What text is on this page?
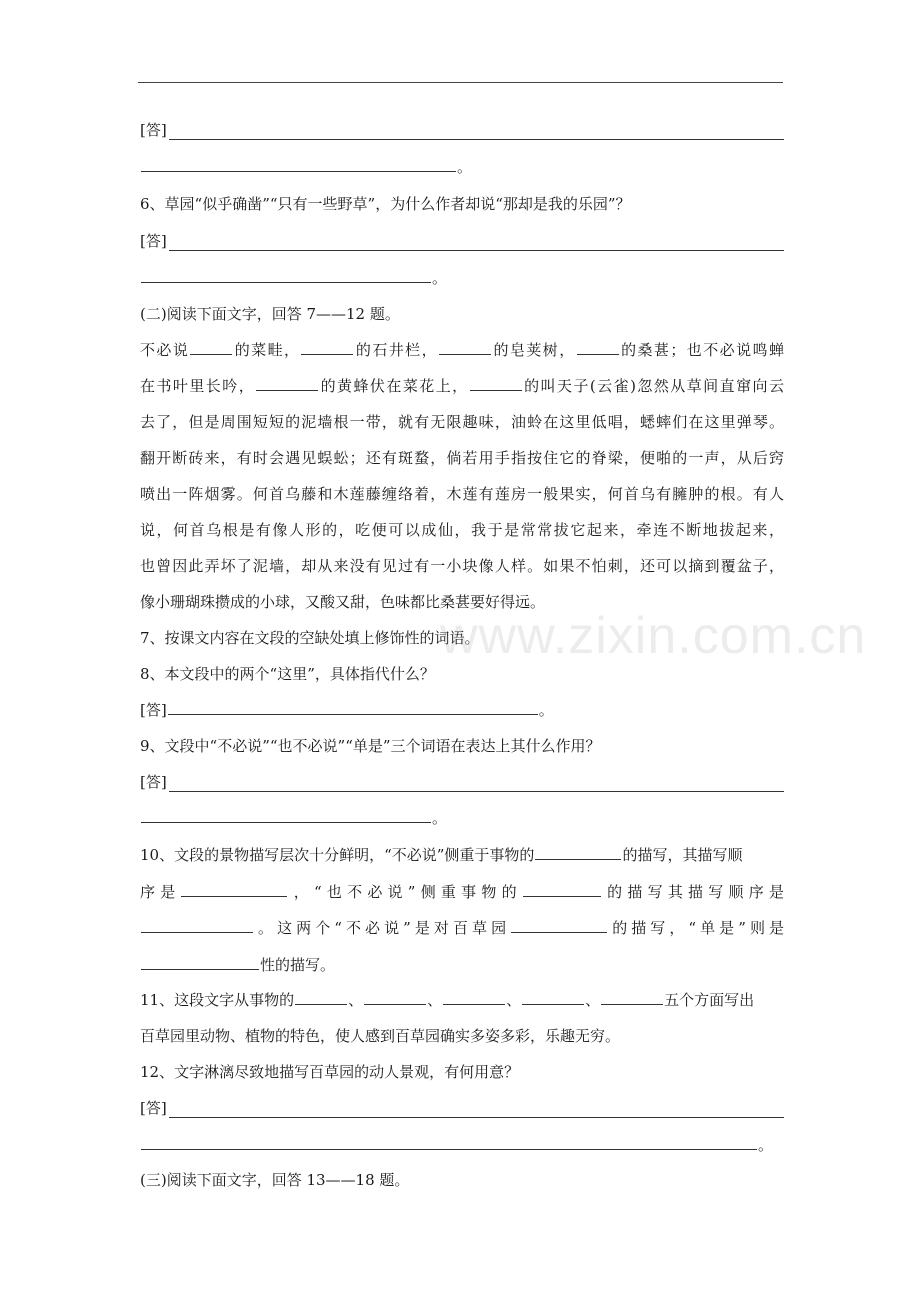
[答]
。
6、草园“似乎确凿”“只有一些野草”，为什么作者却说“那却是我的乐园”？
[答]
。
(二)阅读下面文字，回答 7——12 题。
不必说	的菜畦，	的石井栏，	的皂荚树，	的桑葚；也不必说鸣蝉
在书叶里长吟，	的黄蜂伏在菜花上，	的叫天子(云雀)忽然从草间直窜向云
去了，但是周围短短的泥墙根一带，就有无限趣味，油蛉在这里低唱，蟋蟀们在这里弹琴。
翻开断砖来，有时会遇见蜈蚣；还有斑蝥，倘若用手指按住它的脊梁，便啪的一声，从后窍
喷出一阵烟雾。何首乌藤和木莲藤缠络着，木莲有莲房一般果实，何首乌有臃肿的根。有人
说，何首乌根是有像人形的，吃便可以成仙，我于是常常拔它起来，牵连不断地拔起来，
也曾因此弄坏了泥墙，却从来没有见过有一小块像人样。如果不怕刺，还可以摘到覆盆子，
像小珊瑚珠攒成的小球，又酸又甜，色味都比桑葚要好得远。
7、按课文内容在文段的空缺处填上修饰性的词语。
8、本文段中的两个“这里”，具体指代什么？
[答]	。
9、文段中“不必说”“也不必说”“单是”三个词语在表达上其什么作用？
[答]
。
10、文段的景物描写层次十分鲜明，“不必说”侧重于事物的	的描写，其描写顺
序是	，“也不必说”侧重事物的	的描写其描写顺序是
。这两个“不必说”是对百草园	的描写，“单是”则是
性的描写。
11、这段文字从事物的	、	、	、	、	五个方面写出
百草园里动物、植物的特色，使人感到百草园确实多姿多彩，乐趣无穷。
12、文字淋漓尽致地描写百草园的动人景观，有何用意？
[答]
。
(三)阅读下面文字，回答 13——18 题。
www.zixin.com.cn
